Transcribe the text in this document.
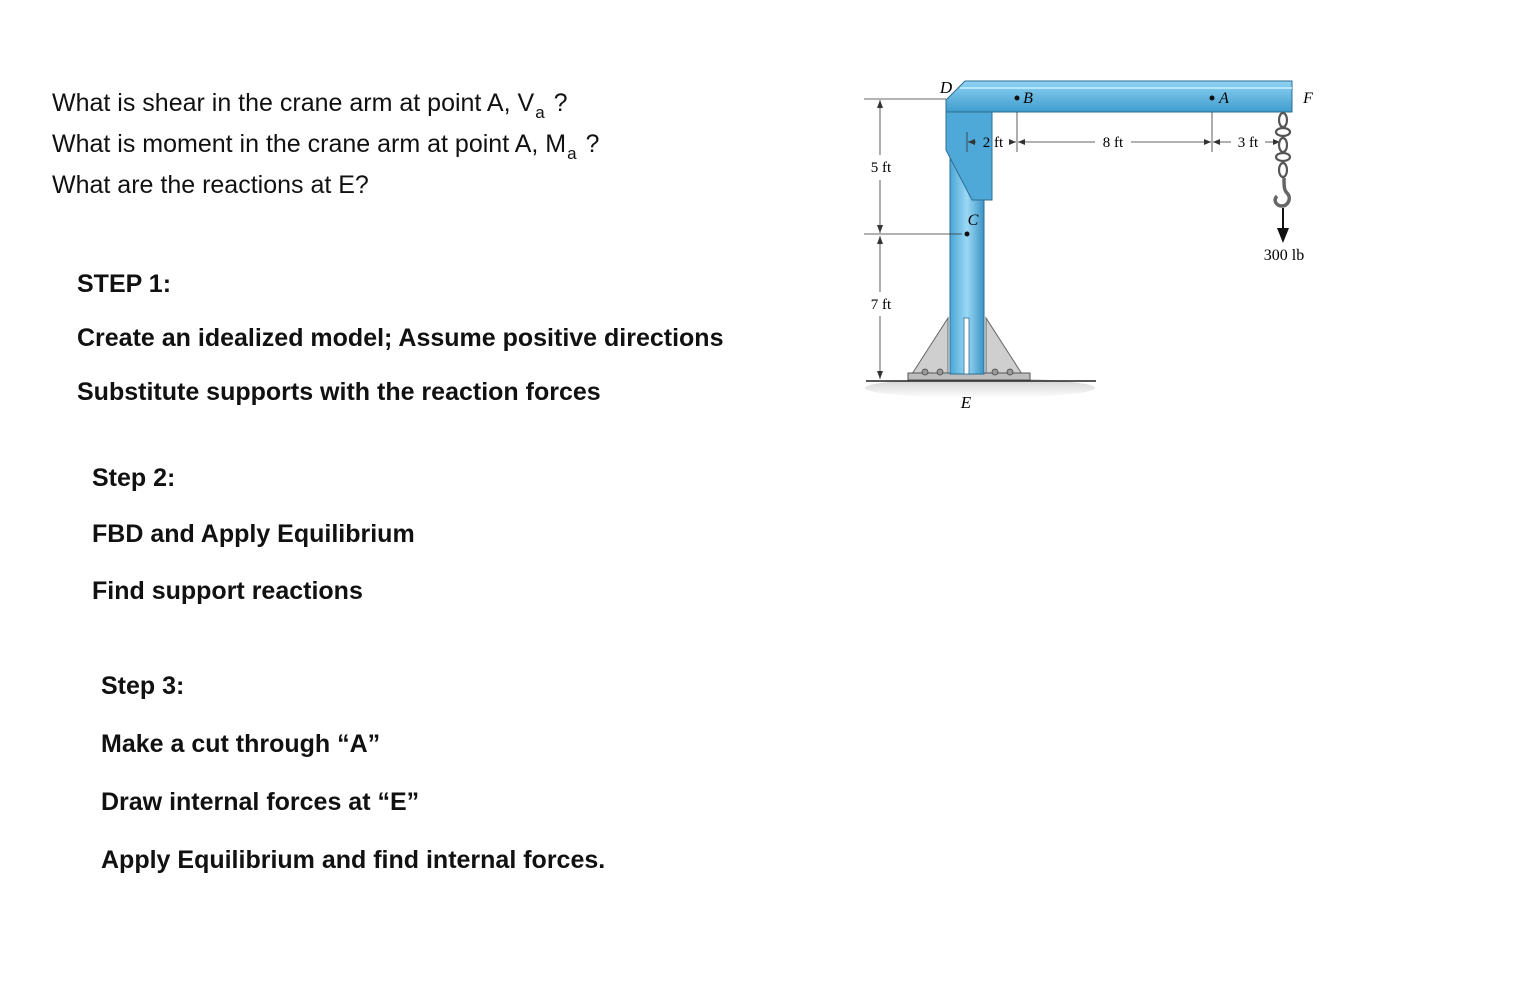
What is shear in the crane arm at point A, $V_a$ ?
What is moment in the crane arm at point A, $M_a$ ?
What are the reactions at E?
STEP 1:
Create an idealized model; Assume positive directions
Substitute supports with the reaction forces
Step 2:
FBD and Apply Equilibrium
Find support reactions
Step 3:
Make a cut through “A”
Draw internal forces at “E”
Apply Equilibrium and find internal forces.
D
B	A	F
C
E
5 ft
7 ft
2 ft	8 ft	3 ft
300 lb
